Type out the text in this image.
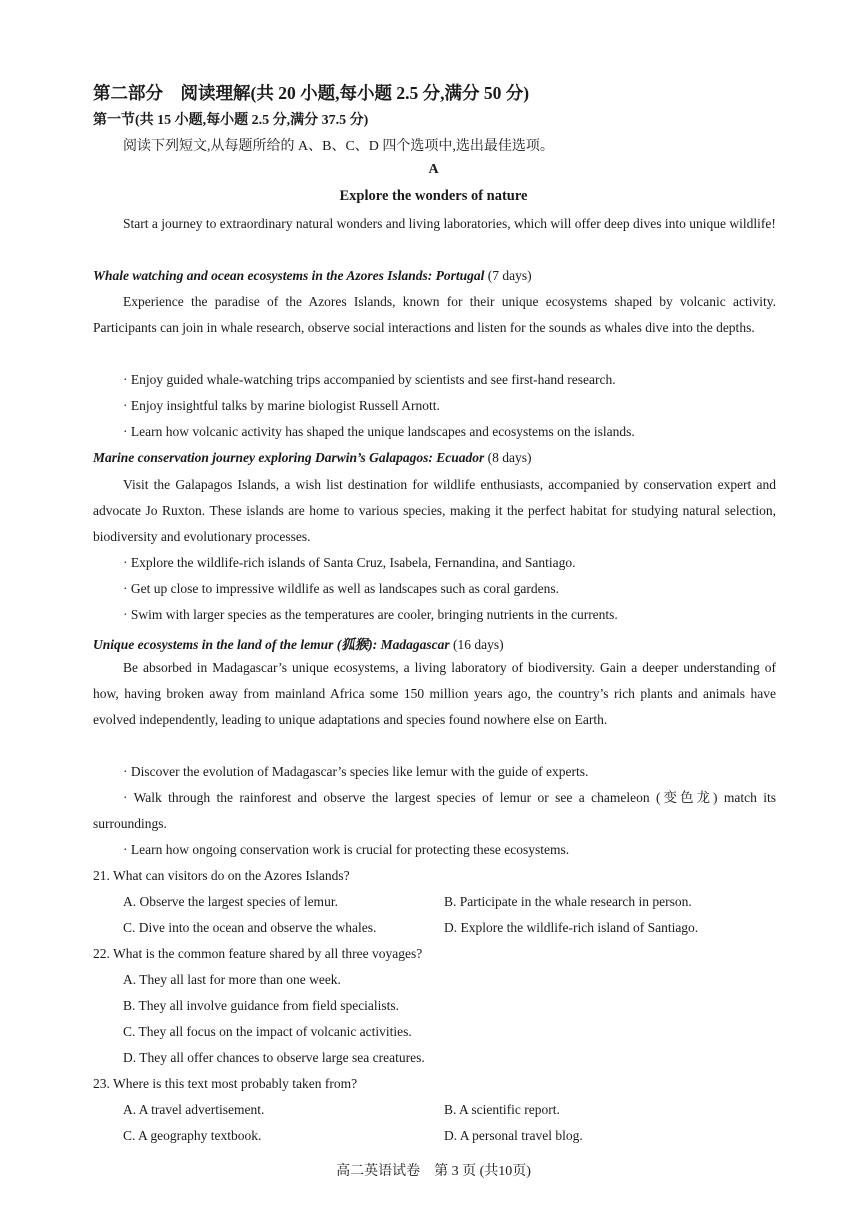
第二部分　阅读理解(共 20 小题,每小题 2.5 分,满分 50 分)
第一节(共 15 小题,每小题 2.5 分,满分 37.5 分)
阅读下列短文,从每题所给的 A、B、C、D 四个选项中,选出最佳选项。
A
Explore the wonders of nature

Start a journey to extraordinary natural wonders and living laboratories, which will offer deep dives into unique wildlife!

Whale watching and ocean ecosystems in the Azores Islands: Portugal (7 days)

Experience the paradise of the Azores Islands, known for their unique ecosystems shaped by volcanic activity. Participants can join in whale research, observe social interactions and listen for the sounds as whales dive into the depths.

· Enjoy guided whale-watching trips accompanied by scientists and see first-hand research.
· Enjoy insightful talks by marine biologist Russell Arnott.
· Learn how volcanic activity has shaped the unique landscapes and ecosystems on the islands.
Marine conservation journey exploring Darwin’s Galapagos: Ecuador (8 days)

Visit the Galapagos Islands, a wish list destination for wildlife enthusiasts, accompanied by conservation expert and advocate Jo Ruxton. These islands are home to various species, making it the perfect habitat for studying natural selection, biodiversity and evolutionary processes.

· Explore the wildlife-rich islands of Santa Cruz, Isabela, Fernandina, and Santiago.
· Get up close to impressive wildlife as well as landscapes such as coral gardens.
· Swim with larger species as the temperatures are cooler, bringing nutrients in the currents.
Unique ecosystems in the land of the lemur (狐猴): Madagascar (16 days)

Be absorbed in Madagascar’s unique ecosystems, a living laboratory of biodiversity. Gain a deeper understanding of how, having broken away from mainland Africa some 150 million years ago, the country’s rich plants and animals have evolved independently, leading to unique adaptations and species found nowhere else on Earth.

· Discover the evolution of Madagascar’s species like lemur with the guide of experts.

· Walk through the rainforest and observe the largest species of lemur or see a chameleon (变色龙) match its surroundings.

· Learn how ongoing conservation work is crucial for protecting these ecosystems.
21. What can visitors do on the Azores Islands?
A. Observe the largest species of lemur.	B. Participate in the whale research in person.
C. Dive into the ocean and observe the whales.	D. Explore the wildlife-rich island of Santiago.
22. What is the common feature shared by all three voyages?
A. They all last for more than one week.
B. They all involve guidance from field specialists.
C. They all focus on the impact of volcanic activities.
D. They all offer chances to observe large sea creatures.
23. Where is this text most probably taken from?
A. A travel advertisement.	B. A scientific report.
C. A geography textbook.	D. A personal travel blog.
高二英语试卷　第 3 页 (共10页)
